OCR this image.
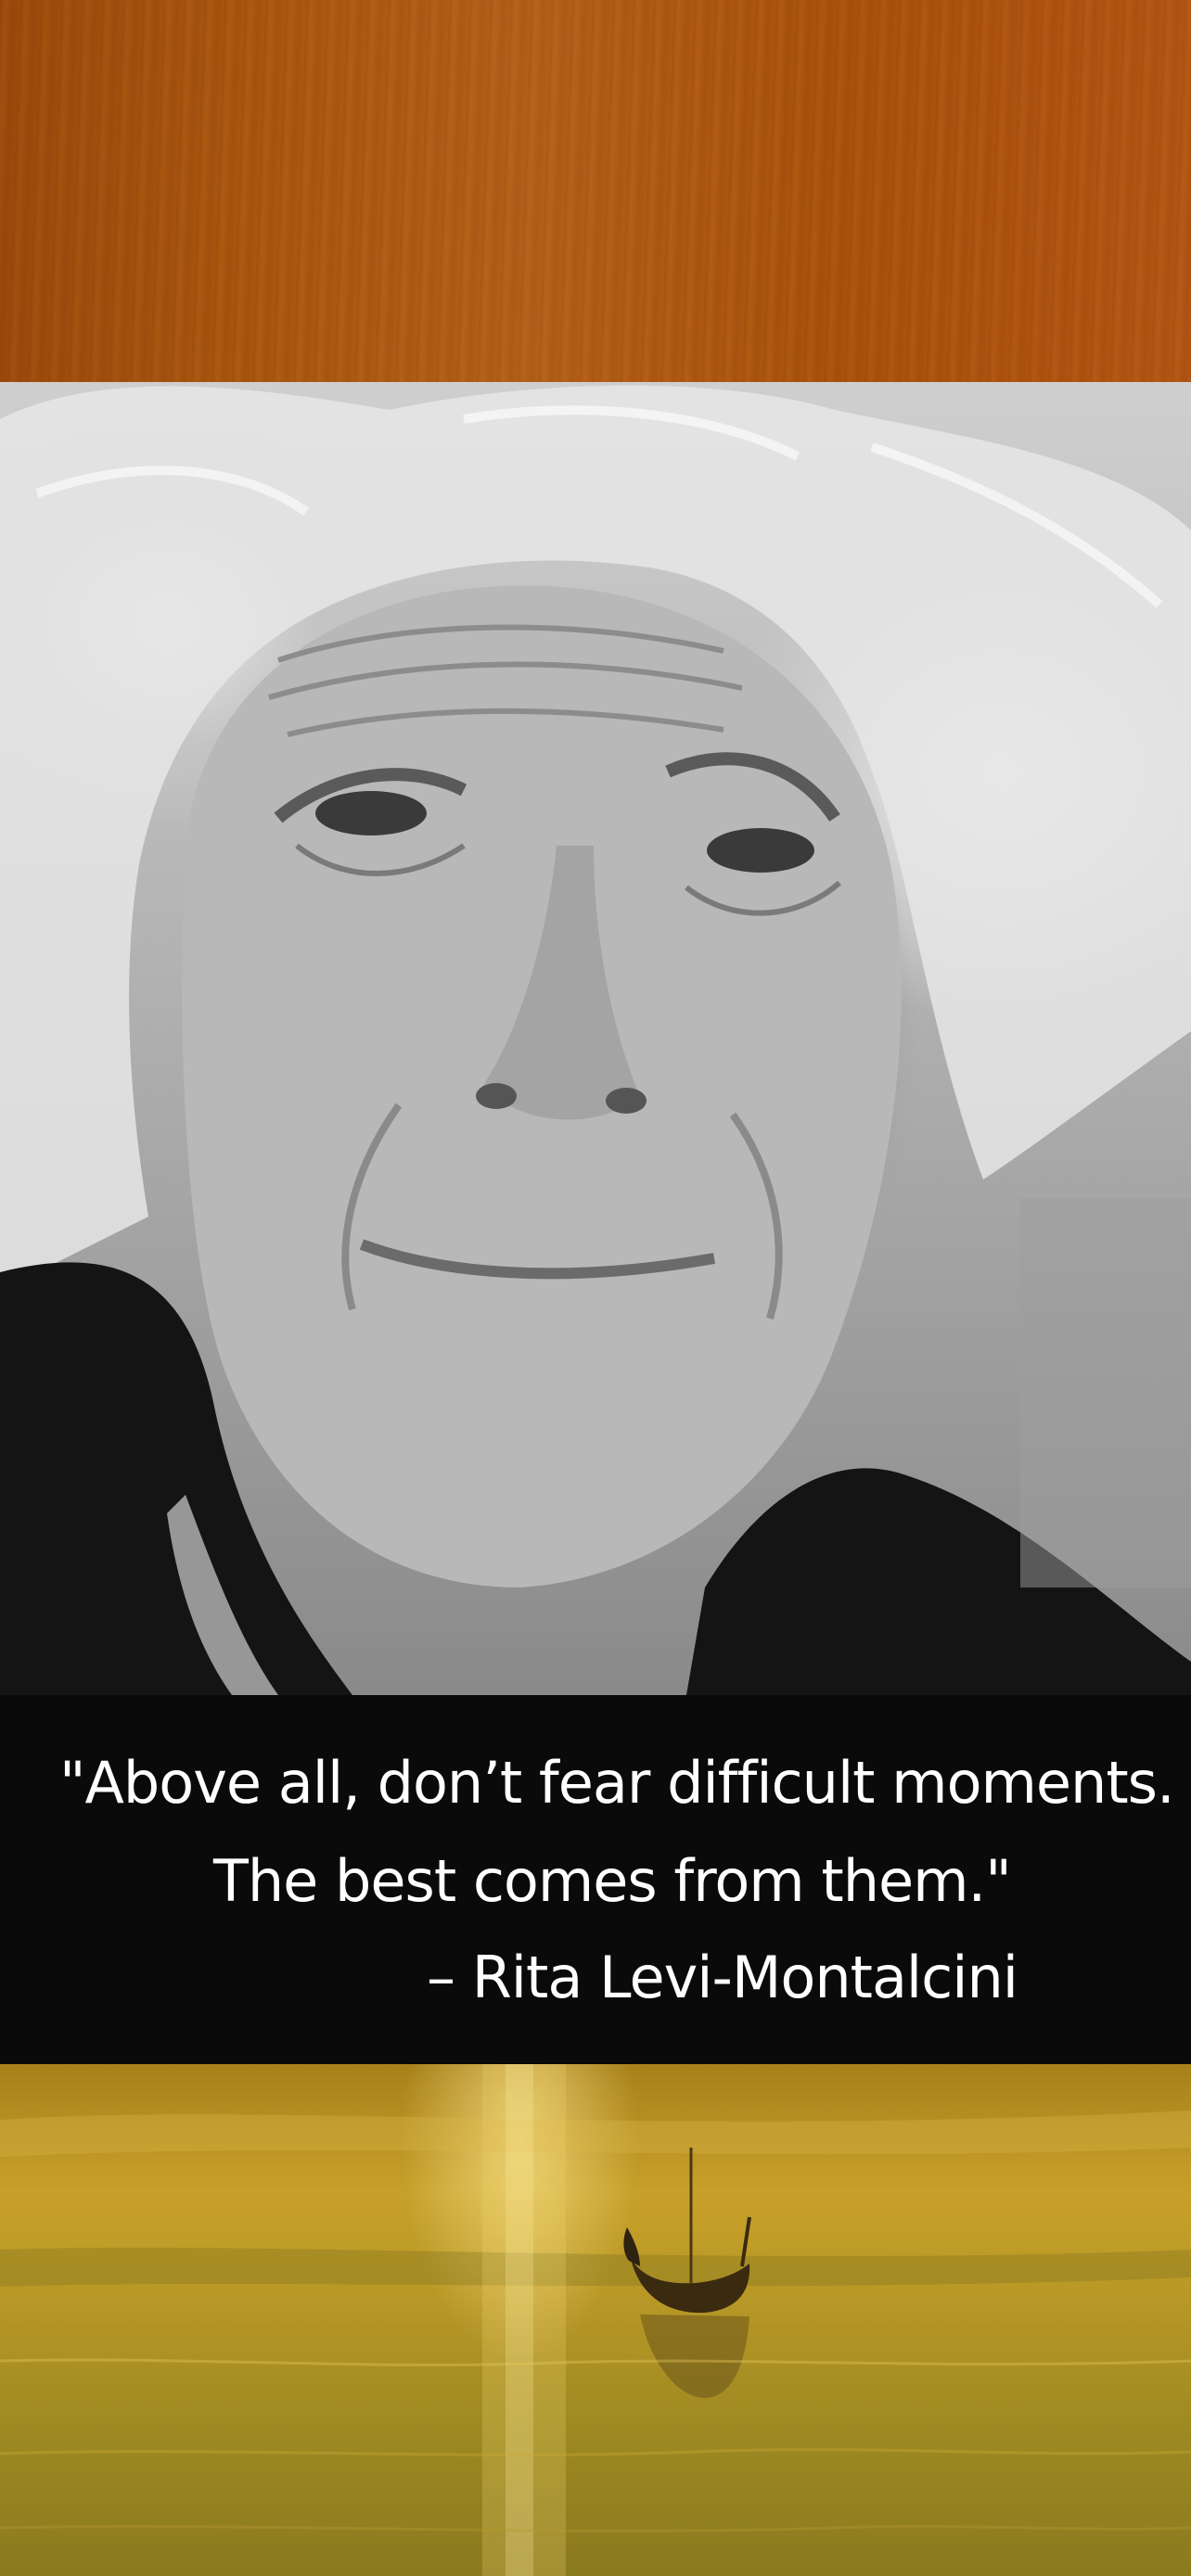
"Above all, don’t fear difficult moments.
The best comes from them."
– Rita Levi-Montalcini
